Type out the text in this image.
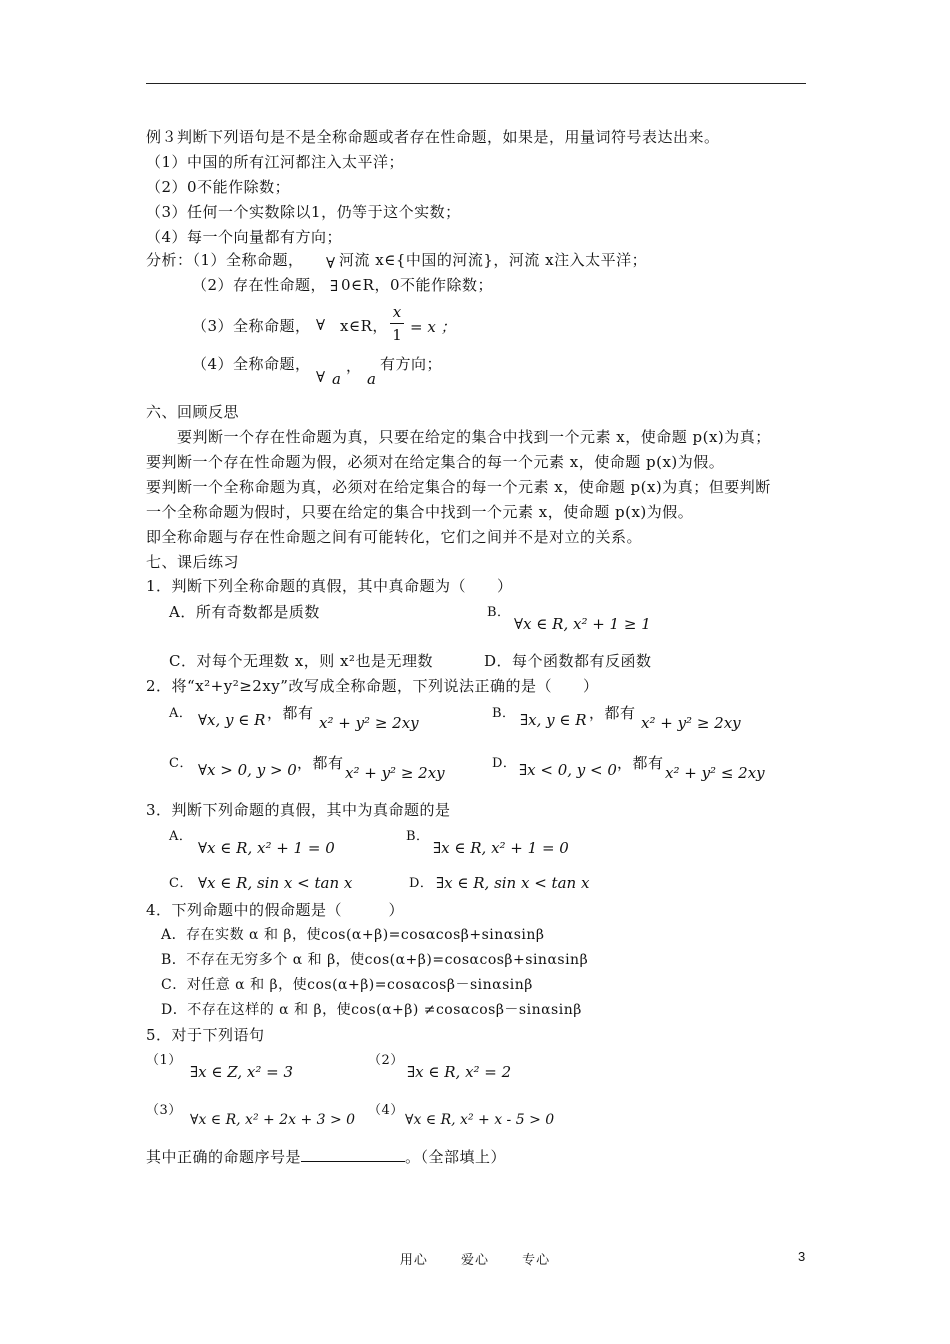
例３判断下列语句是不是全称命题或者存在性命题，如果是，用量词符号表达出来。
（1）中国的所有江河都注入太平洋；
（2）0不能作除数；
（3）任何一个实数除以1，仍等于这个实数；
（4）每一个向量都有方向；
分析：（1）全称命题， ∀ 河流 x∈{中国的河流}，河流 x注入太平洋；
（2）存在性命题， ∃ 0∈R，0不能作除数；
（3）全称命题， ∀ x∈R，
x
1 = x ；
（4）全称命题，
∀ a
，
a
有方向；
六、回顾反思
要判断一个存在性命题为真，只要在给定的集合中找到一个元素 x，使命题 p(x)为真；
要判断一个存在性命题为假，必须对在给定集合的每一个元素 x，使命题 p(x)为假。
要判断一个全称命题为真，必须对在给定集合的每一个元素 x，使命题 p(x)为真；但要判断
一个全称命题为假时，只要在给定的集合中找到一个元素 x，使命题 p(x)为假。
即全称命题与存在性命题之间有可能转化，它们之间并不是对立的关系。
七、课后练习
1．判断下列全称命题的真假，其中真命题为（　　）
A．所有奇数都是质数	B．
∀x ∈ R, x² + 1 ≥ 1
C．对每个无理数 x，则 x²也是无理数	D．每个函数都有反函数
2．将“x²+y²≥2xy”改写成全称命题，下列说法正确的是（　　）
A． ∀x, y ∈ R ，都有
x² + y² ≥ 2xy
B． ∃x, y ∈ R ，都有
x² + y² ≥ 2xy
C． ∀x > 0, y > 0 ，都有
x² + y² ≥ 2xy
D． ∃x < 0, y < 0 ，都有
x² + y² ≤ 2xy
3．判断下列命题的真假，其中为真命题的是
A．
∀x ∈ R, x² + 1 = 0
B．
∃x ∈ R, x² + 1 = 0
C． ∀x ∈ R, sin x < tan x	D． ∃x ∈ R, sin x < tan x
4．下列命题中的假命题是（　　　）
A．存在实数 α 和 β，使cos(α+β)=cosαcosβ+sinαsinβ
B．不存在无穷多个 α 和 β，使cos(α+β)=cosαcosβ+sinαsinβ
C．对任意 α 和 β，使cos(α+β)=cosαcosβ－sinαsinβ
D．不存在这样的 α 和 β，使cos(α+β) ≠cosαcosβ－sinαsinβ
5．对于下列语句
（1）
∃x ∈ Z, x² = 3
（2）
∃x ∈ R, x² = 2
（3）
∀x ∈ R, x² + 2x + 3 > 0
（4）
∀x ∈ R, x² + x - 5 > 0
其中正确的命题序号是	。（全部填上）
用心	爱心	专心	3
